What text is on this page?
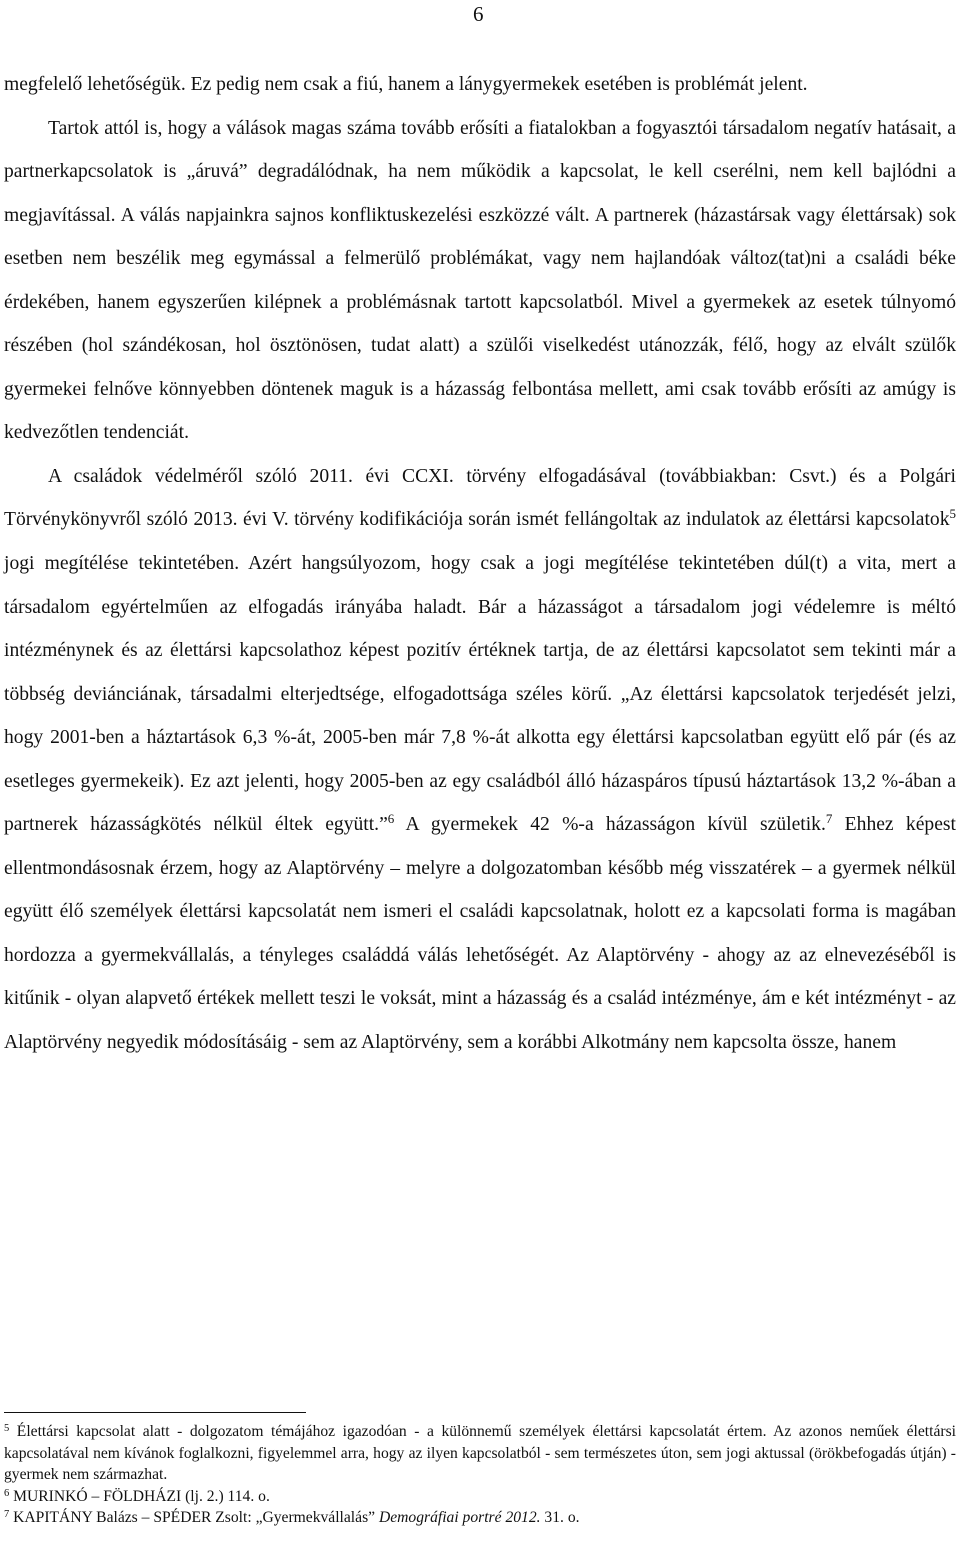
6

megfelelő lehetőségük. Ez pedig nem csak a fiú, hanem a lánygyermekek esetében is problémát jelent.

Tartok attól is, hogy a válások magas száma tovább erősíti a fiatalokban a fogyasztói társadalom negatív hatásait, a partnerkapcsolatok is „áruvá” degradálódnak, ha nem működik a kapcsolat, le kell cserélni, nem kell bajlódni a megjavítással. A válás napjainkra sajnos konfliktuskezelési eszközzé vált. A partnerek (házastársak vagy élettársak) sok esetben nem beszélik meg egymással a felmerülő problémákat, vagy nem hajlandóak változ(tat)ni a családi béke érdekében, hanem egyszerűen kilépnek a problémásnak tartott kapcsolatból. Mivel a gyermekek az esetek túlnyomó részében (hol szándékosan, hol ösztönösen, tudat alatt) a szülői viselkedést utánozzák, félő, hogy az elvált szülők gyermekei felnőve könnyebben döntenek maguk is a házasság felbontása mellett, ami csak tovább erősíti az amúgy is kedvezőtlen tendenciát.

A családok védelméről szóló 2011. évi CCXI. törvény elfogadásával (továbbiakban: Csvt.) és a Polgári Törvénykönyvről szóló 2013. évi V. törvény kodifikációja során ismét fellángoltak az indulatok az élettársi kapcsolatok$^5$ jogi megítélése tekintetében. Azért hangsúlyozom, hogy csak a jogi megítélése tekintetében dúl(t) a vita, mert a társadalom egyértelműen az elfogadás irányába haladt. Bár a házasságot a társadalom jogi védelemre is méltó intézménynek és az élettársi kapcsolathoz képest pozitív értéknek tartja, de az élettársi kapcsolatot sem tekinti már a többség deviánciának, társadalmi elterjedtsége, elfogadottsága széles körű. „Az élettársi kapcsolatok terjedését jelzi, hogy 2001-ben a háztartások 6,3 %-át, 2005-ben már 7,8 %-át alkotta egy élettársi kapcsolatban együtt elő pár (és az esetleges gyermekeik). Ez azt jelenti, hogy 2005-ben az egy családból álló házaspáros típusú háztartások 13,2 %-ában a partnerek házasságkötés nélkül éltek együtt.”$^6$ A gyermekek 42 %-a házasságon kívül születik.$^7$ Ehhez képest ellentmondásosnak érzem, hogy az Alaptörvény – melyre a dolgozatomban később még visszatérek – a gyermek nélkül együtt élő személyek élettársi kapcsolatát nem ismeri el családi kapcsolatnak, holott ez a kapcsolati forma is magában hordozza a gyermekvállalás, a tényleges családdá válás lehetőségét. Az Alaptörvény - ahogy az az elnevezéséből is kitűnik - olyan alapvető értékek mellett teszi le voksát, mint a házasság és a család intézménye, ám e két intézményt - az Alaptörvény negyedik módosításáig - sem az Alaptörvény, sem a korábbi Alkotmány nem kapcsolta össze, hanem

$^5$ Élettársi kapcsolat alatt - dolgozatom témájához igazodóan - a különnemű személyek élettársi kapcsolatát értem. Az azonos neműek élettársi kapcsolatával nem kívánok foglalkozni, figyelemmel arra, hogy az ilyen kapcsolatból - sem természetes úton, sem jogi aktussal (örökbefogadás útján) - gyermek nem származhat.

$^6$ MURINKÓ – FÖLDHÁZI (lj. 2.) 114. o.

$^7$ KAPITÁNY Balázs – SPÉDER Zsolt: „Gyermekvállalás” Demográfiai portré 2012. 31. o.
